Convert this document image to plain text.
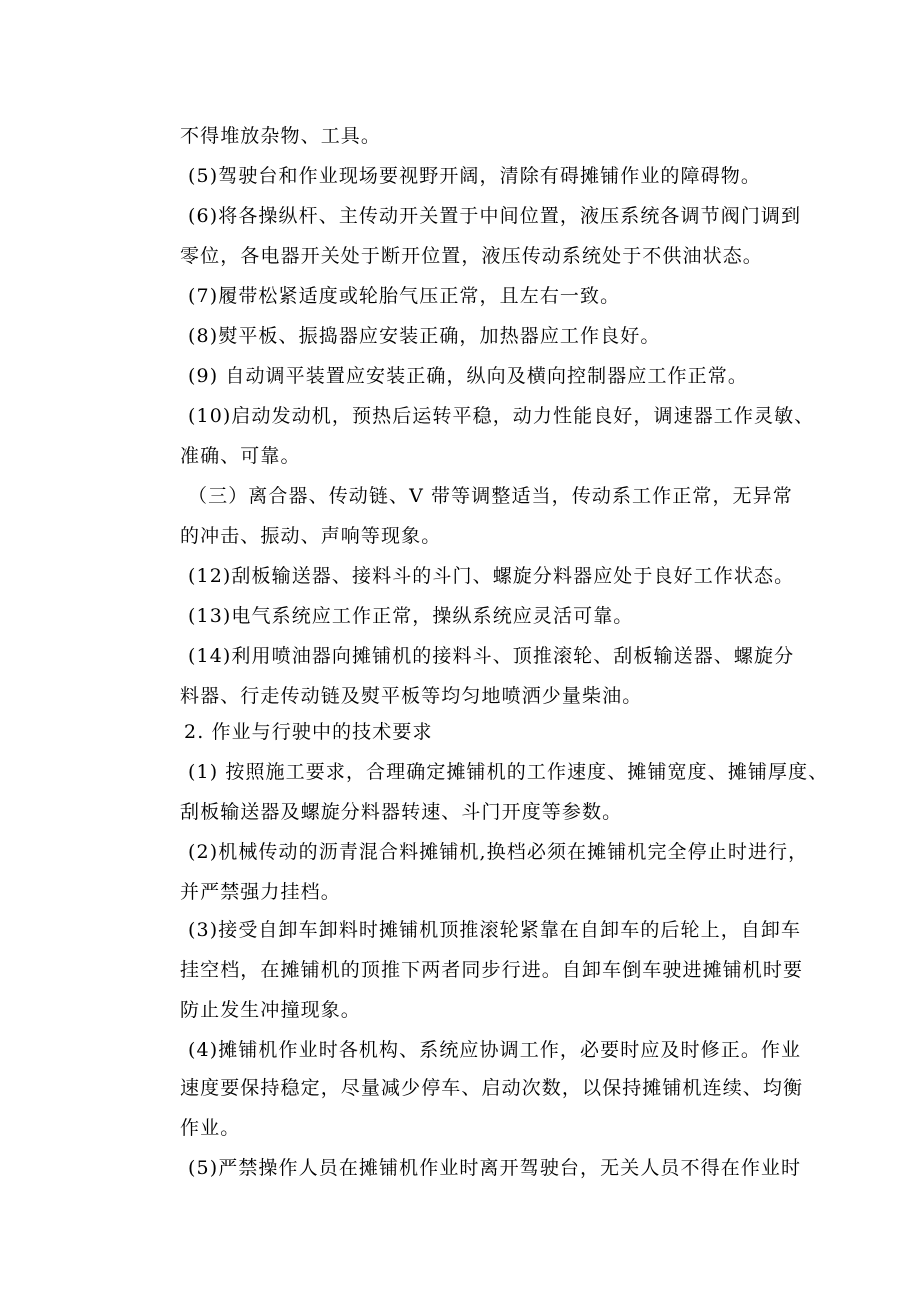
不得堆放杂物、工具。
(5)驾驶台和作业现场要视野开阔，清除有碍摊铺作业的障碍物。
(6)将各操纵杆、主传动开关置于中间位置，液压系统各调节阀门调到
零位，各电器开关处于断开位置，液压传动系统处于不供油状态。
(7)履带松紧适度或轮胎气压正常，且左右一致。
(8)熨平板、振捣器应安装正确，加热器应工作良好。
(9) 自动调平装置应安装正确，纵向及横向控制器应工作正常。
(10)启动发动机，预热后运转平稳，动力性能良好，调速器工作灵敏、
准确、可靠。
（三）离合器、传动链、V 带等调整适当，传动系工作正常，无异常
的冲击、振动、声响等现象。
(12)刮板输送器、接料斗的斗门、螺旋分料器应处于良好工作状态。
(13)电气系统应工作正常，操纵系统应灵活可靠。
(14)利用喷油器向摊铺机的接料斗、顶推滚轮、刮板输送器、螺旋分
料器、行走传动链及熨平板等均匀地喷洒少量柴油。
2. 作业与行驶中的技术要求
(1) 按照施工要求，合理确定摊铺机的工作速度、摊铺宽度、摊铺厚度、
刮板输送器及螺旋分料器转速、斗门开度等参数。
(2)机械传动的沥青混合料摊铺机,换档必须在摊铺机完全停止时进行，
并严禁强力挂档。
(3)接受自卸车卸料时摊铺机顶推滚轮紧靠在自卸车的后轮上，自卸车
挂空档，在摊铺机的顶推下两者同步行进。自卸车倒车驶进摊铺机时要
防止发生冲撞现象。
(4)摊铺机作业时各机构、系统应协调工作，必要时应及时修正。作业
速度要保持稳定，尽量减少停车、启动次数，以保持摊铺机连续、均衡
作业。
(5)严禁操作人员在摊铺机作业时离开驾驶台，无关人员不得在作业时
